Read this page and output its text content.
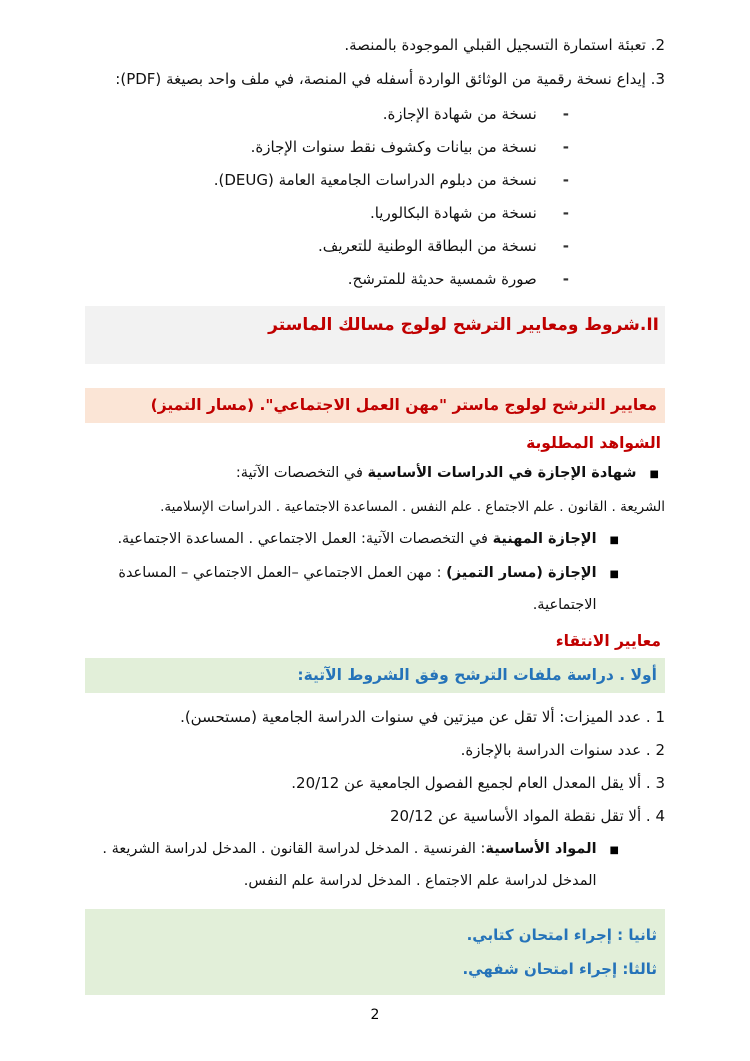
2. تعبئة استمارة التسجيل القبلي الموجودة بالمنصة.

3. إيداع نسخة رقمية من الوثائق الواردة أسفله في المنصة، في ملف واحد بصيغة (PDF):

-
نسخة من شهادة الإجازة.
-
نسخة من بيانات وكشوف نقط سنوات الإجازة.
-
نسخة من دبلوم الدراسات الجامعية العامة (DEUG).
-
نسخة من شهادة البكالوريا.
-
نسخة من البطاقة الوطنية للتعريف.
-
صورة شمسية حديثة للمترشح.

II.شروط ومعايير الترشح لولوج مسالك الماستر

معايير الترشح لولوج ماستر "مهن العمل الاجتماعي". (مسار التميز)

الشواهد المطلوبة

■
شهادة الإجازة في الدراسات الأساسية في التخصصات الآتية:

الشريعة . القانون . علم الاجتماع . علم النفس . المساعدة الاجتماعية . الدراسات الإسلامية.

■
الإجازة المهنية في التخصصات الآتية: العمل الاجتماعي . المساعدة الاجتماعية.
■
الإجازة (مسار التميز) : مهن العمل الاجتماعي –العمل الاجتماعي – المساعدة الاجتماعية.

معايير الانتقاء

أولا . دراسة ملفات الترشح وفق الشروط الآتية:

1 . عدد الميزات: ألا تقل عن ميزتين في سنوات الدراسة الجامعية (مستحسن).

2 . عدد سنوات الدراسة بالإجازة.

3 . ألا يقل المعدل العام لجميع الفصول الجامعية عن 20/12.

4 . ألا تقل نقطة المواد الأساسية عن 20/12

■
المواد الأساسية: الفرنسية . المدخل لدراسة القانون . المدخل لدراسة الشريعة . المدخل لدراسة علم الاجتماع . المدخل لدراسة علم النفس.

ثانيا : إجراء امتحان كتابي.

ثالثا: إجراء امتحان شفهي.

2
